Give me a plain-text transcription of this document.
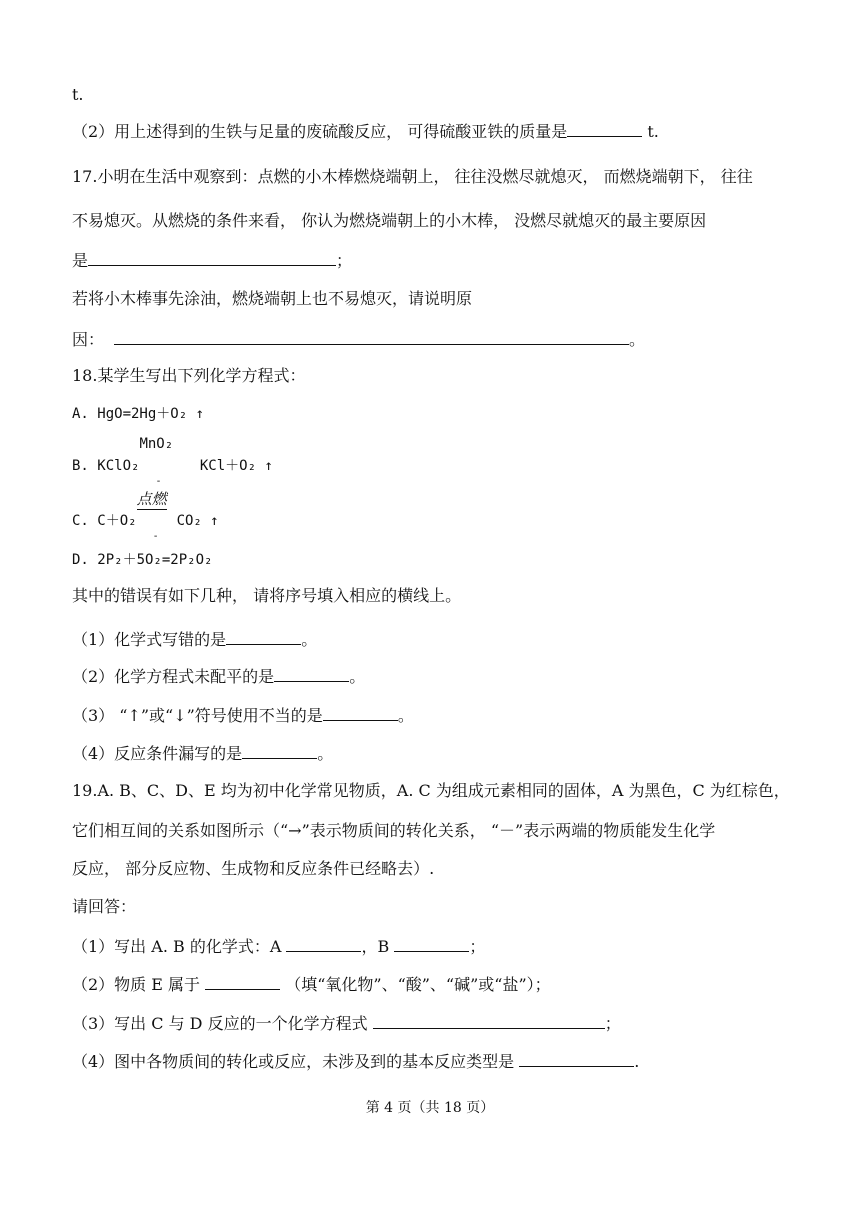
t.
（2）用上述得到的生铁与足量的废硫酸反应， 可得硫酸亚铁的质量是	t.
17.小明在生活中观察到：点燃的小木棒燃烧端朝上， 往往没燃尽就熄灭， 而燃烧端朝下， 往往
不易熄灭。从燃烧的条件来看， 你认为燃烧端朝上的小木棒， 没燃尽就熄灭的最主要原因
是	；
若将小木棒事先涂油，燃烧端朝上也不易熄灭，请说明原
因：	。
18.某学生写出下列化学方程式：
A. HgO=2Hg＋O₂ ↑
B. KClO₂
MnO₂
-
KCl＋O₂ ↑
C. C＋O₂
点燃
-
CO₂ ↑
D. 2P₂＋5O₂=2P₂O₂
其中的错误有如下几种， 请将序号填入相应的横线上。
（1）化学式写错的是	。
（2）化学方程式未配平的是	。
（3） “↑”或“↓”符号使用不当的是	。
（4）反应条件漏写的是	。
19.A. B、C、D、E 均为初中化学常见物质，A. C 为组成元素相同的固体，A 为黑色，C 为红棕色，
它们相互间的关系如图所示（“→”表示物质间的转化关系， “－”表示两端的物质能发生化学
反应， 部分反应物、生成物和反应条件已经略去）.
请回答：
（1）写出 A. B 的化学式：A	，B	；
（2）物质 E 属于	（填“氧化物”、“酸”、“碱”或“盐”）；
（3）写出 C 与 D 反应的一个化学方程式	；
（4）图中各物质间的转化或反应，未涉及到的基本反应类型是	.
第 4 页（共 18 页）
